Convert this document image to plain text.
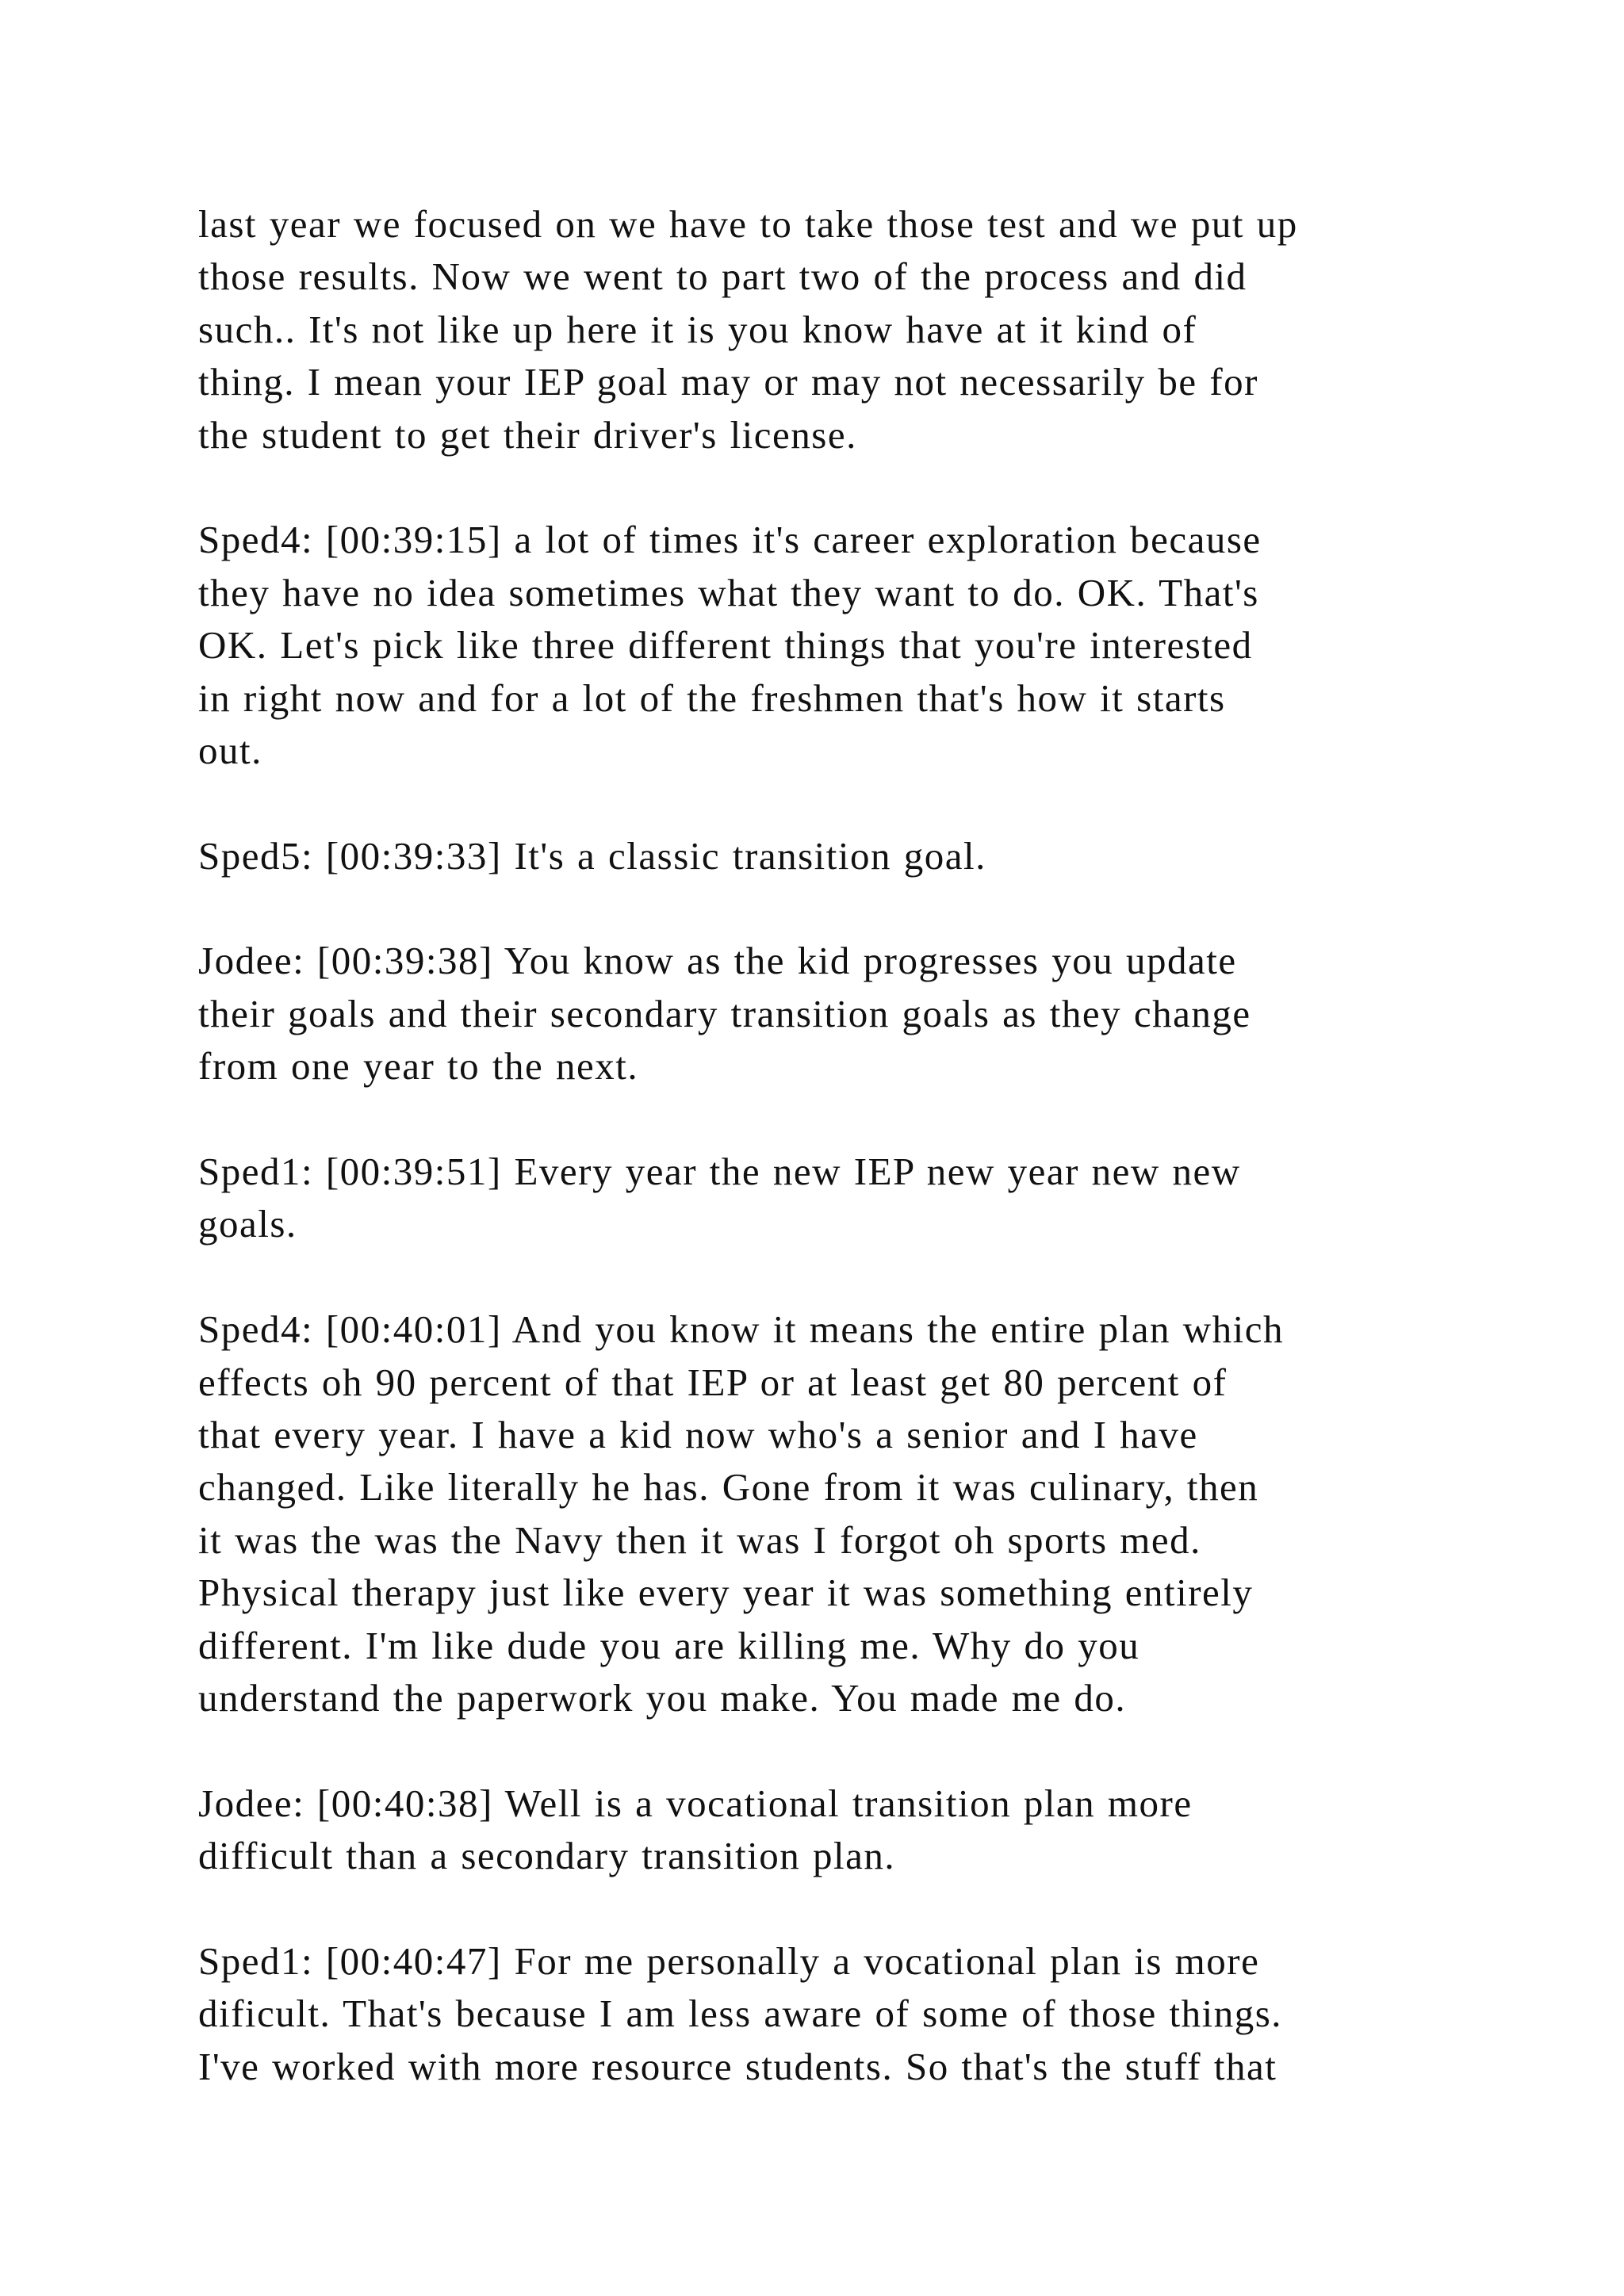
last year we focused on we have to take those test and we put up
those results. Now we went to part two of the process and did
such.. It's not like up here it is you know have at it kind of
thing. I mean your IEP goal may or may not necessarily be for
the student to get their driver's license.
Sped4: [00:39:15] a lot of times it's career exploration because
they have no idea sometimes what they want to do. OK. That's
OK. Let's pick like three different things that you're interested
in right now and for a lot of the freshmen that's how it starts
out.
Sped5: [00:39:33] It's a classic transition goal.
Jodee: [00:39:38] You know as the kid progresses you update
their goals and their secondary transition goals as they change
from one year to the next.
Sped1: [00:39:51] Every year the new IEP new year new new
goals.
Sped4: [00:40:01] And you know it means the entire plan which
effects oh 90 percent of that IEP or at least get 80 percent of
that every year. I have a kid now who's a senior and I have
changed. Like literally he has. Gone from it was culinary, then
it was the was the Navy then it was I forgot oh sports med.
Physical therapy just like every year it was something entirely
different. I'm like dude you are killing me. Why do you
understand the paperwork you make. You made me do.
Jodee: [00:40:38] Well is a vocational transition plan more
difficult than a secondary transition plan.
Sped1: [00:40:47] For me personally a vocational plan is more
dificult. That's because I am less aware of some of those things.
I've worked with more resource students. So that's the stuff that
